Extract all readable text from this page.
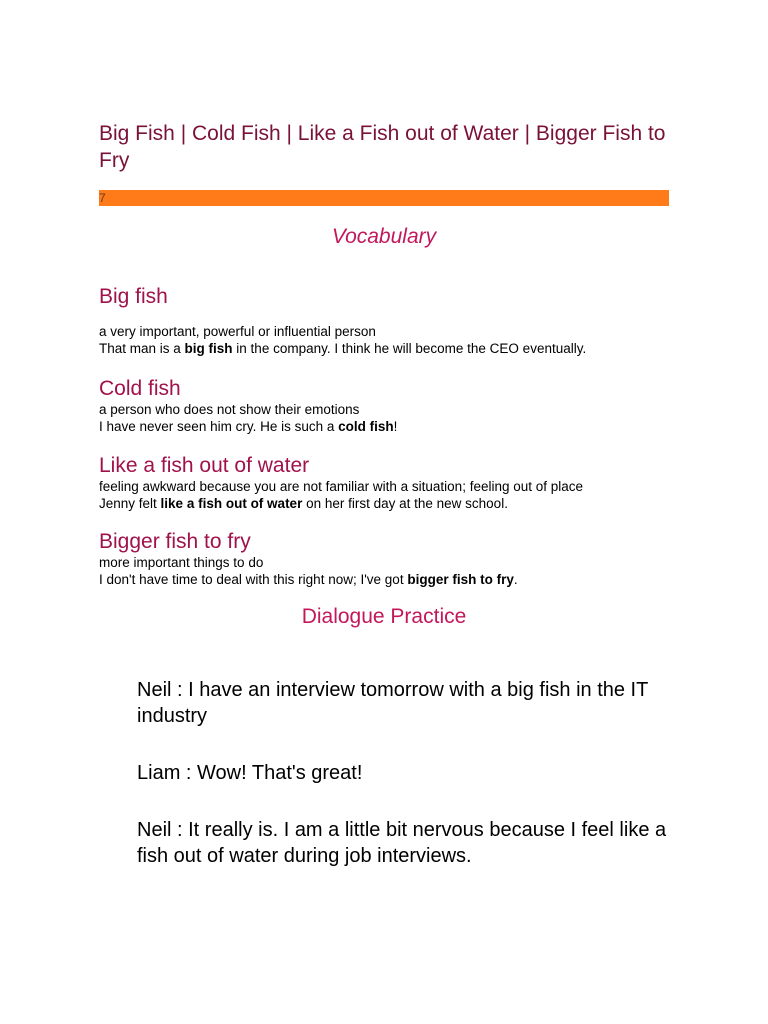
Big Fish | Cold Fish | Like a Fish out of Water | Bigger Fish to Fry
7
Vocabulary
Big fish

a very important, powerful or influential person

That man is a big fish in the company. I think he will become the CEO eventually.

Cold fish

a person who does not show their emotions

I have never seen him cry. He is such a cold fish!

Like a fish out of water

feeling awkward because you are not familiar with a situation; feeling out of place

Jenny felt like a fish out of water on her first day at the new school.

Bigger fish to fry

more important things to do

I don't have time to deal with this right now; I've got bigger fish to fry.

Dialogue Practice

Neil : I have an interview tomorrow with a big fish in the IT industry

Liam : Wow! That's great!

Neil : It really is. I am a little bit nervous because I feel like a fish out of water during job interviews.
